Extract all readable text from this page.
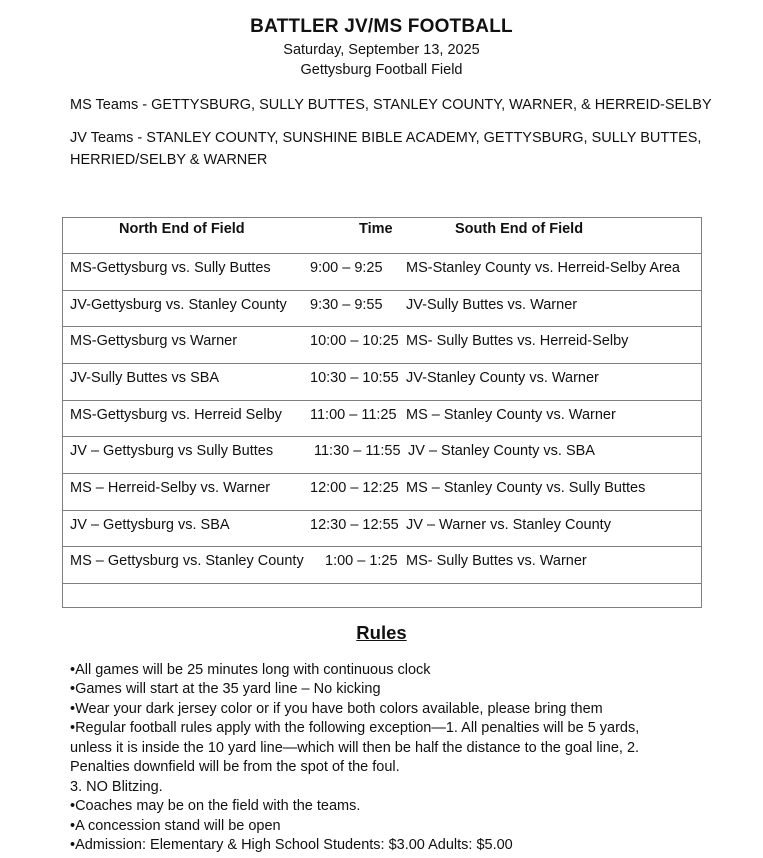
BATTLER JV/MS FOOTBALL
Saturday, September 13, 2025
Gettysburg Football Field
MS Teams - GETTYSBURG, SULLY BUTTES, STANLEY COUNTY, WARNER, & HERREID-SELBY
JV Teams - STANLEY COUNTY, SUNSHINE BIBLE ACADEMY, GETTYSBURG, SULLY BUTTES,
HERRIED/SELBY & WARNER
North End of Field	Time	South End of Field
MS-Gettysburg vs. Sully Buttes	9:00 – 9:25 MS-Stanley County vs. Herreid-Selby Area
JV-Gettysburg vs. Stanley County 9:30 – 9:55 JV-Sully Buttes vs. Warner
MS-Gettysburg vs Warner	10:00 – 10:25 MS- Sully Buttes vs. Herreid-Selby
JV-Sully Buttes vs SBA	10:30 – 10:55 JV-Stanley County vs. Warner
MS-Gettysburg vs. Herreid Selby 11:00 – 11:25 MS – Stanley County vs. Warner
JV – Gettysburg vs Sully Buttes	11:30 – 11:55 JV – Stanley County vs. SBA
MS – Herreid-Selby vs. Warner	12:00 – 12:25 MS – Stanley County vs. Sully Buttes
JV – Gettysburg vs. SBA	12:30 – 12:55 JV – Warner vs. Stanley County
MS – Gettysburg vs. Stanley County 1:00 – 1:25 MS- Sully Buttes vs. Warner
Rules
•All games will be 25 minutes long with continuous clock
•Games will start at the 35 yard line – No kicking
•Wear your dark jersey color or if you have both colors available, please bring them
•Regular football rules apply with the following exception—1. All penalties will be 5 yards,
unless it is inside the 10 yard line—which will then be half the distance to the goal line, 2.
Penalties downfield will be from the spot of the foul.
3. NO Blitzing.
•Coaches may be on the field with the teams.
•A concession stand will be open
•Admission: Elementary & High School Students: $3.00 Adults: $5.00
